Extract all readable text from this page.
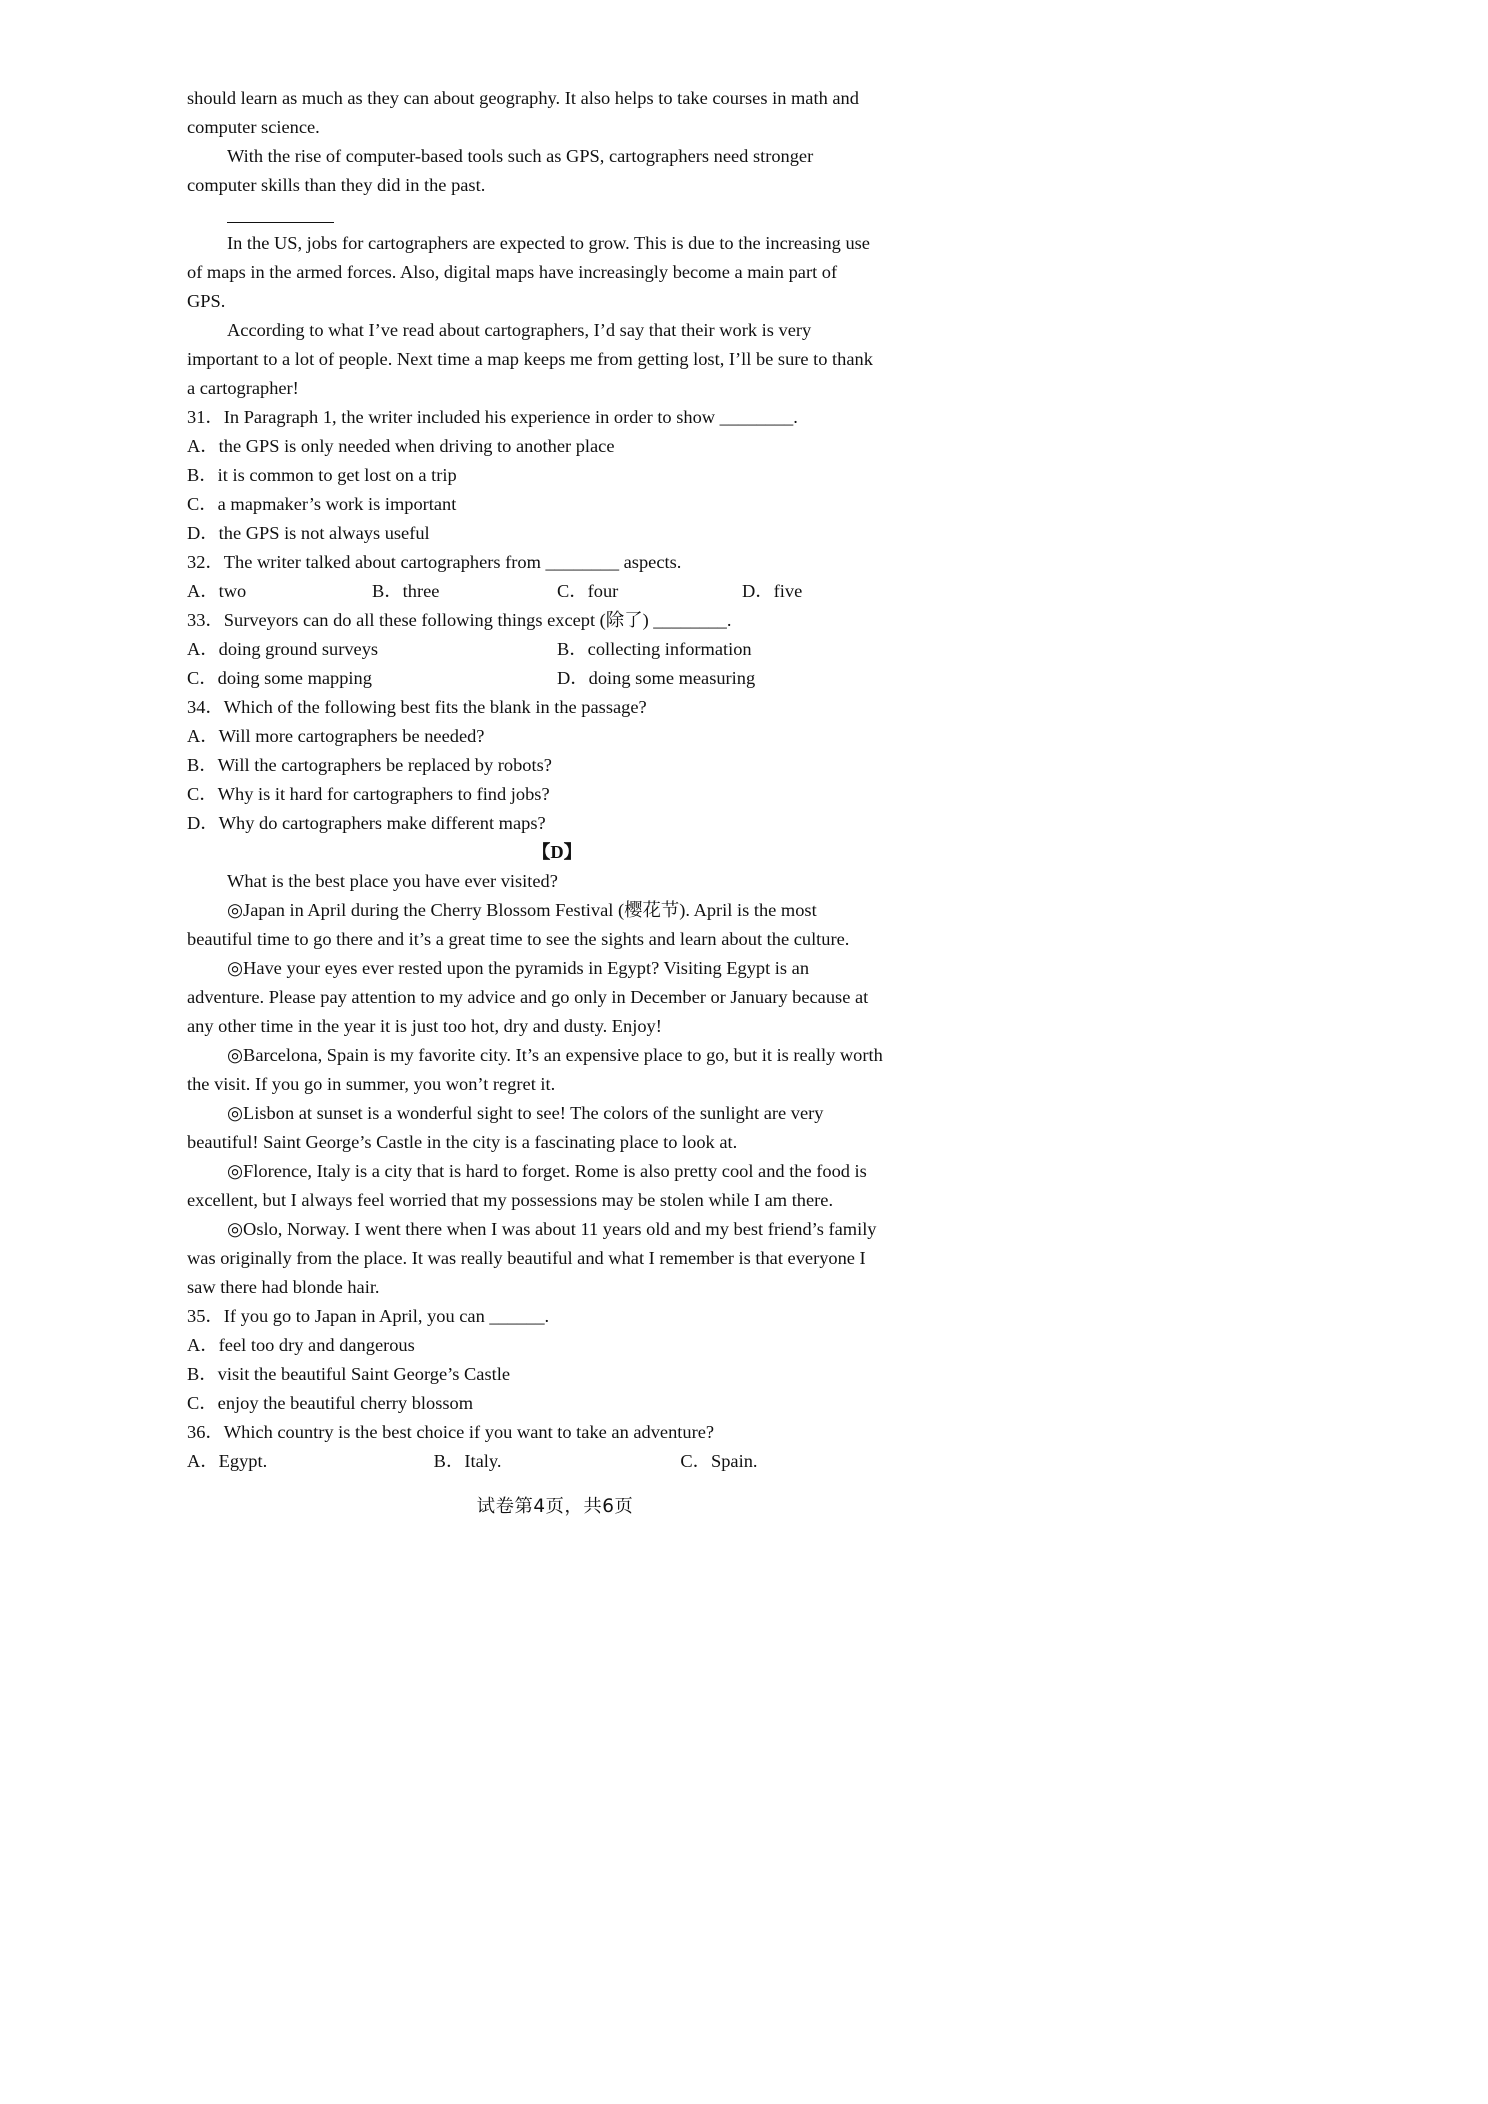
should learn as much as they can about geography. It also helps to take courses in math and
computer science.
With the rise of computer-based tools such as GPS, cartographers need stronger
computer skills than they did in the past.
In the US, jobs for cartographers are expected to grow. This is due to the increasing use
of maps in the armed forces. Also, digital maps have increasingly become a main part of
GPS.
According to what I’ve read about cartographers, I’d say that their work is very
important to a lot of people. Next time a map keeps me from getting lost, I’ll be sure to thank
a cartographer!
31．In Paragraph 1, the writer included his experience in order to show ________.
A．the GPS is only needed when driving to another place
B．it is common to get lost on a trip
C．a mapmaker’s work is important
D．the GPS is not always useful
32．The writer talked about cartographers from ________ aspects.
A．two	B．three	C．four	D．five
33．Surveyors can do all these following things except (除了) ________.
A．doing ground surveys	B．collecting information
C．doing some mapping	D．doing some measuring
34．Which of the following best fits the blank in the passage?
A．Will more cartographers be needed?
B．Will the cartographers be replaced by robots?
C．Why is it hard for cartographers to find jobs?
D．Why do cartographers make different maps?
【D】
What is the best place you have ever visited?
◎Japan in April during the Cherry Blossom Festival (樱花节). April is the most
beautiful time to go there and it’s a great time to see the sights and learn about the culture.
◎Have your eyes ever rested upon the pyramids in Egypt? Visiting Egypt is an
adventure. Please pay attention to my advice and go only in December or January because at
any other time in the year it is just too hot, dry and dusty. Enjoy!
◎Barcelona, Spain is my favorite city. It’s an expensive place to go, but it is really worth
the visit. If you go in summer, you won’t regret it.
◎Lisbon at sunset is a wonderful sight to see! The colors of the sunlight are very
beautiful! Saint George’s Castle in the city is a fascinating place to look at.
◎Florence, Italy is a city that is hard to forget. Rome is also pretty cool and the food is
excellent, but I always feel worried that my possessions may be stolen while I am there.
◎Oslo, Norway. I went there when I was about 11 years old and my best friend’s family
was originally from the place. It was really beautiful and what I remember is that everyone I
saw there had blonde hair.
35．If you go to Japan in April, you can ______.
A．feel too dry and dangerous
B．visit the beautiful Saint George’s Castle
C．enjoy the beautiful cherry blossom
36．Which country is the best choice if you want to take an adventure?
A．Egypt.	B．Italy.	C．Spain.
试卷第4页，共6页
